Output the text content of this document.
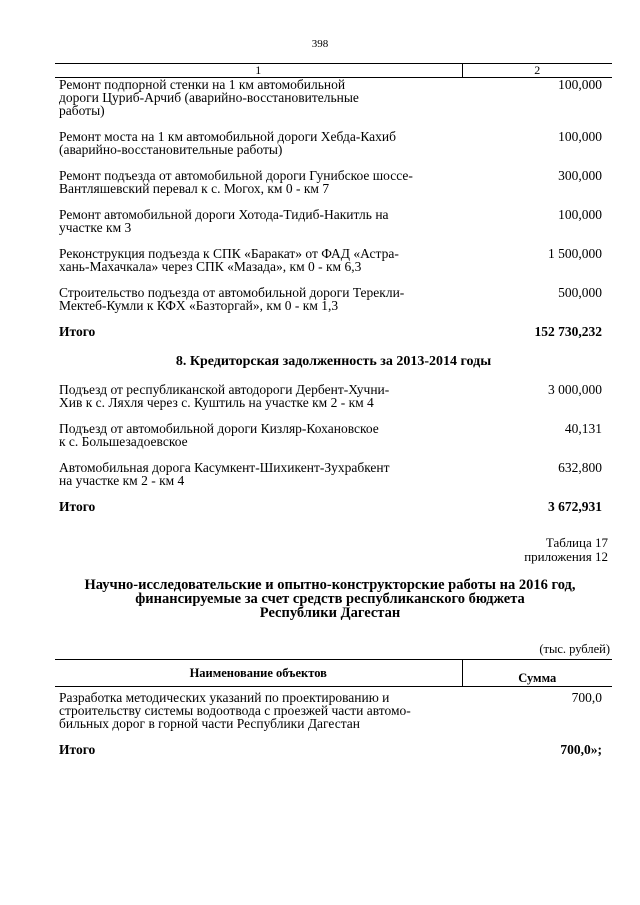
398
1	2

Ремонт подпорной стенки на 1 км автомобильной
дороги Цуриб-Арчиб (аварийно-восстановительные
работы)	100,000

Ремонт моста на 1 км автомобильной дороги Хебда-Кахиб
(аварийно-восстановительные работы)	100,000

Ремонт подъезда от автомобильной дороги Гунибское шоссе-
Вантляшевский перевал к с. Могох, км 0 - км 7	300,000

Ремонт автомобильной дороги Хотода-Тидиб-Накитль на
участке км 3	100,000

Реконструкция подъезда к СПК «Баракат» от ФАД «Астра-
хань-Махачкала» через СПК «Мазада», км 0 - км 6,3	1 500,000

Строительство подъезда от автомобильной дороги Терекли-
Мектеб-Кумли к КФХ «Базторгай», км 0 - км 1,3	500,000
Итого	152 730,232
8. Кредиторская задолженность за 2013-2014 годы	

Подъезд от республиканской автодороги Дербент-Хучни-
Хив к с. Ляхля через с. Куштиль на участке км 2 - км 4	3 000,000

Подъезд от автомобильной дороги Кизляр-Кохановское
к с. Большезадоевское	40,131

Автомобильная дорога Касумкент-Шихикент-Зухрабкент
на участке км 2 - км 4	632,800
Итого	3 672,931
Таблица 17
приложения 12
Научно-исследовательские и опытно-конструкторские работы на 2016 год,
финансируемые за счет средств республиканского бюджета
Республики Дагестан
(тыс. рублей)
Наименование объектов	Сумма

Разработка методических указаний по проектированию и
строительству системы водоотвода с проезжей части автомо-
бильных дорог в горной части Республики Дагестан	700,0
Итого	700,0»;
